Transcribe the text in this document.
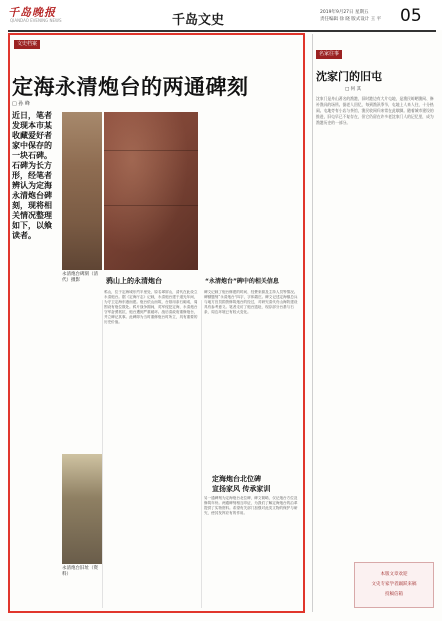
千岛晚报
QIANDAO EVENING NEWS	千岛文史
2019年9月27日 星期五
责任编辑 徐 晓 版式设计 王 平 05
文史档案
定海永清炮台的两通碑刻
□ 孙 峰
近日，笔者发现本市某收藏爱好者家中保存的一块石碑。石碑为长方形，经笔者辨认为定海永清炮台碑刻，现将相关情况整理如下，以飨读者。
永清炮台碑刻（清代）摄影	鸦山上的永清炮台	“永清炮台”碑中的相关信息
鸦山，位于定海城东约半里处，原名翠屏山，清代在此设立永清炮台。据《定海厅志》记载，永清炮台建于道光年间，为守卫定海东港而建。炮台依山而筑，台基用条石砌成，周围设有炮位数处。鸦片战争期间，英军侵犯定海，永清炮台守军奋勇抵抗，炮台遭到严重破坏。战后清政府重修炮台，并立碑记其事。此碑即为当时重修炮台时所立，具有重要的历史价值。
碑文记载了炮台修建的时间、经费来源及主持人员等情况。碑额题刻“永清炮台”四字，字体端庄。碑文记述定海镇总兵与地方官员捐资修筑炮台的经过，对研究清代舟山海防建设具有参考意义。笔者走访了炮台遗址，现存部分台基与石条，周边环境已有较大变化。
定海炮台北位碑
宣扬家风 传承家训
另一通碑刻为定海炮台北位碑，碑文简略，仅记炮台方位及修筑年份。两通碑刻相互印证，为我们了解定海炮台的沿革提供了实物资料。希望有关部门加强对此类文物的保护与研究，使其发挥应有的作用。
永清炮台旧址（资料）
名家往事
沈家门的旧屯
□ 何 其
沈家门是舟山著名的渔港，旧时港边有大片屯地，是渔民晾晒渔网、修补渔具的场所。据老人回忆，每到渔汛季节，屯地上人来人往，十分热闹。屯地旁有小店与茶馆，渔民收网归来常在此歇脚。随着城市建设的推进，旧屯早已不复存在，但它仍留在许多老沈家门人的记忆里，成为渔港历史的一部分。
本版文章欢迎
文史专家学者踊跃来稿
投稿信箱
